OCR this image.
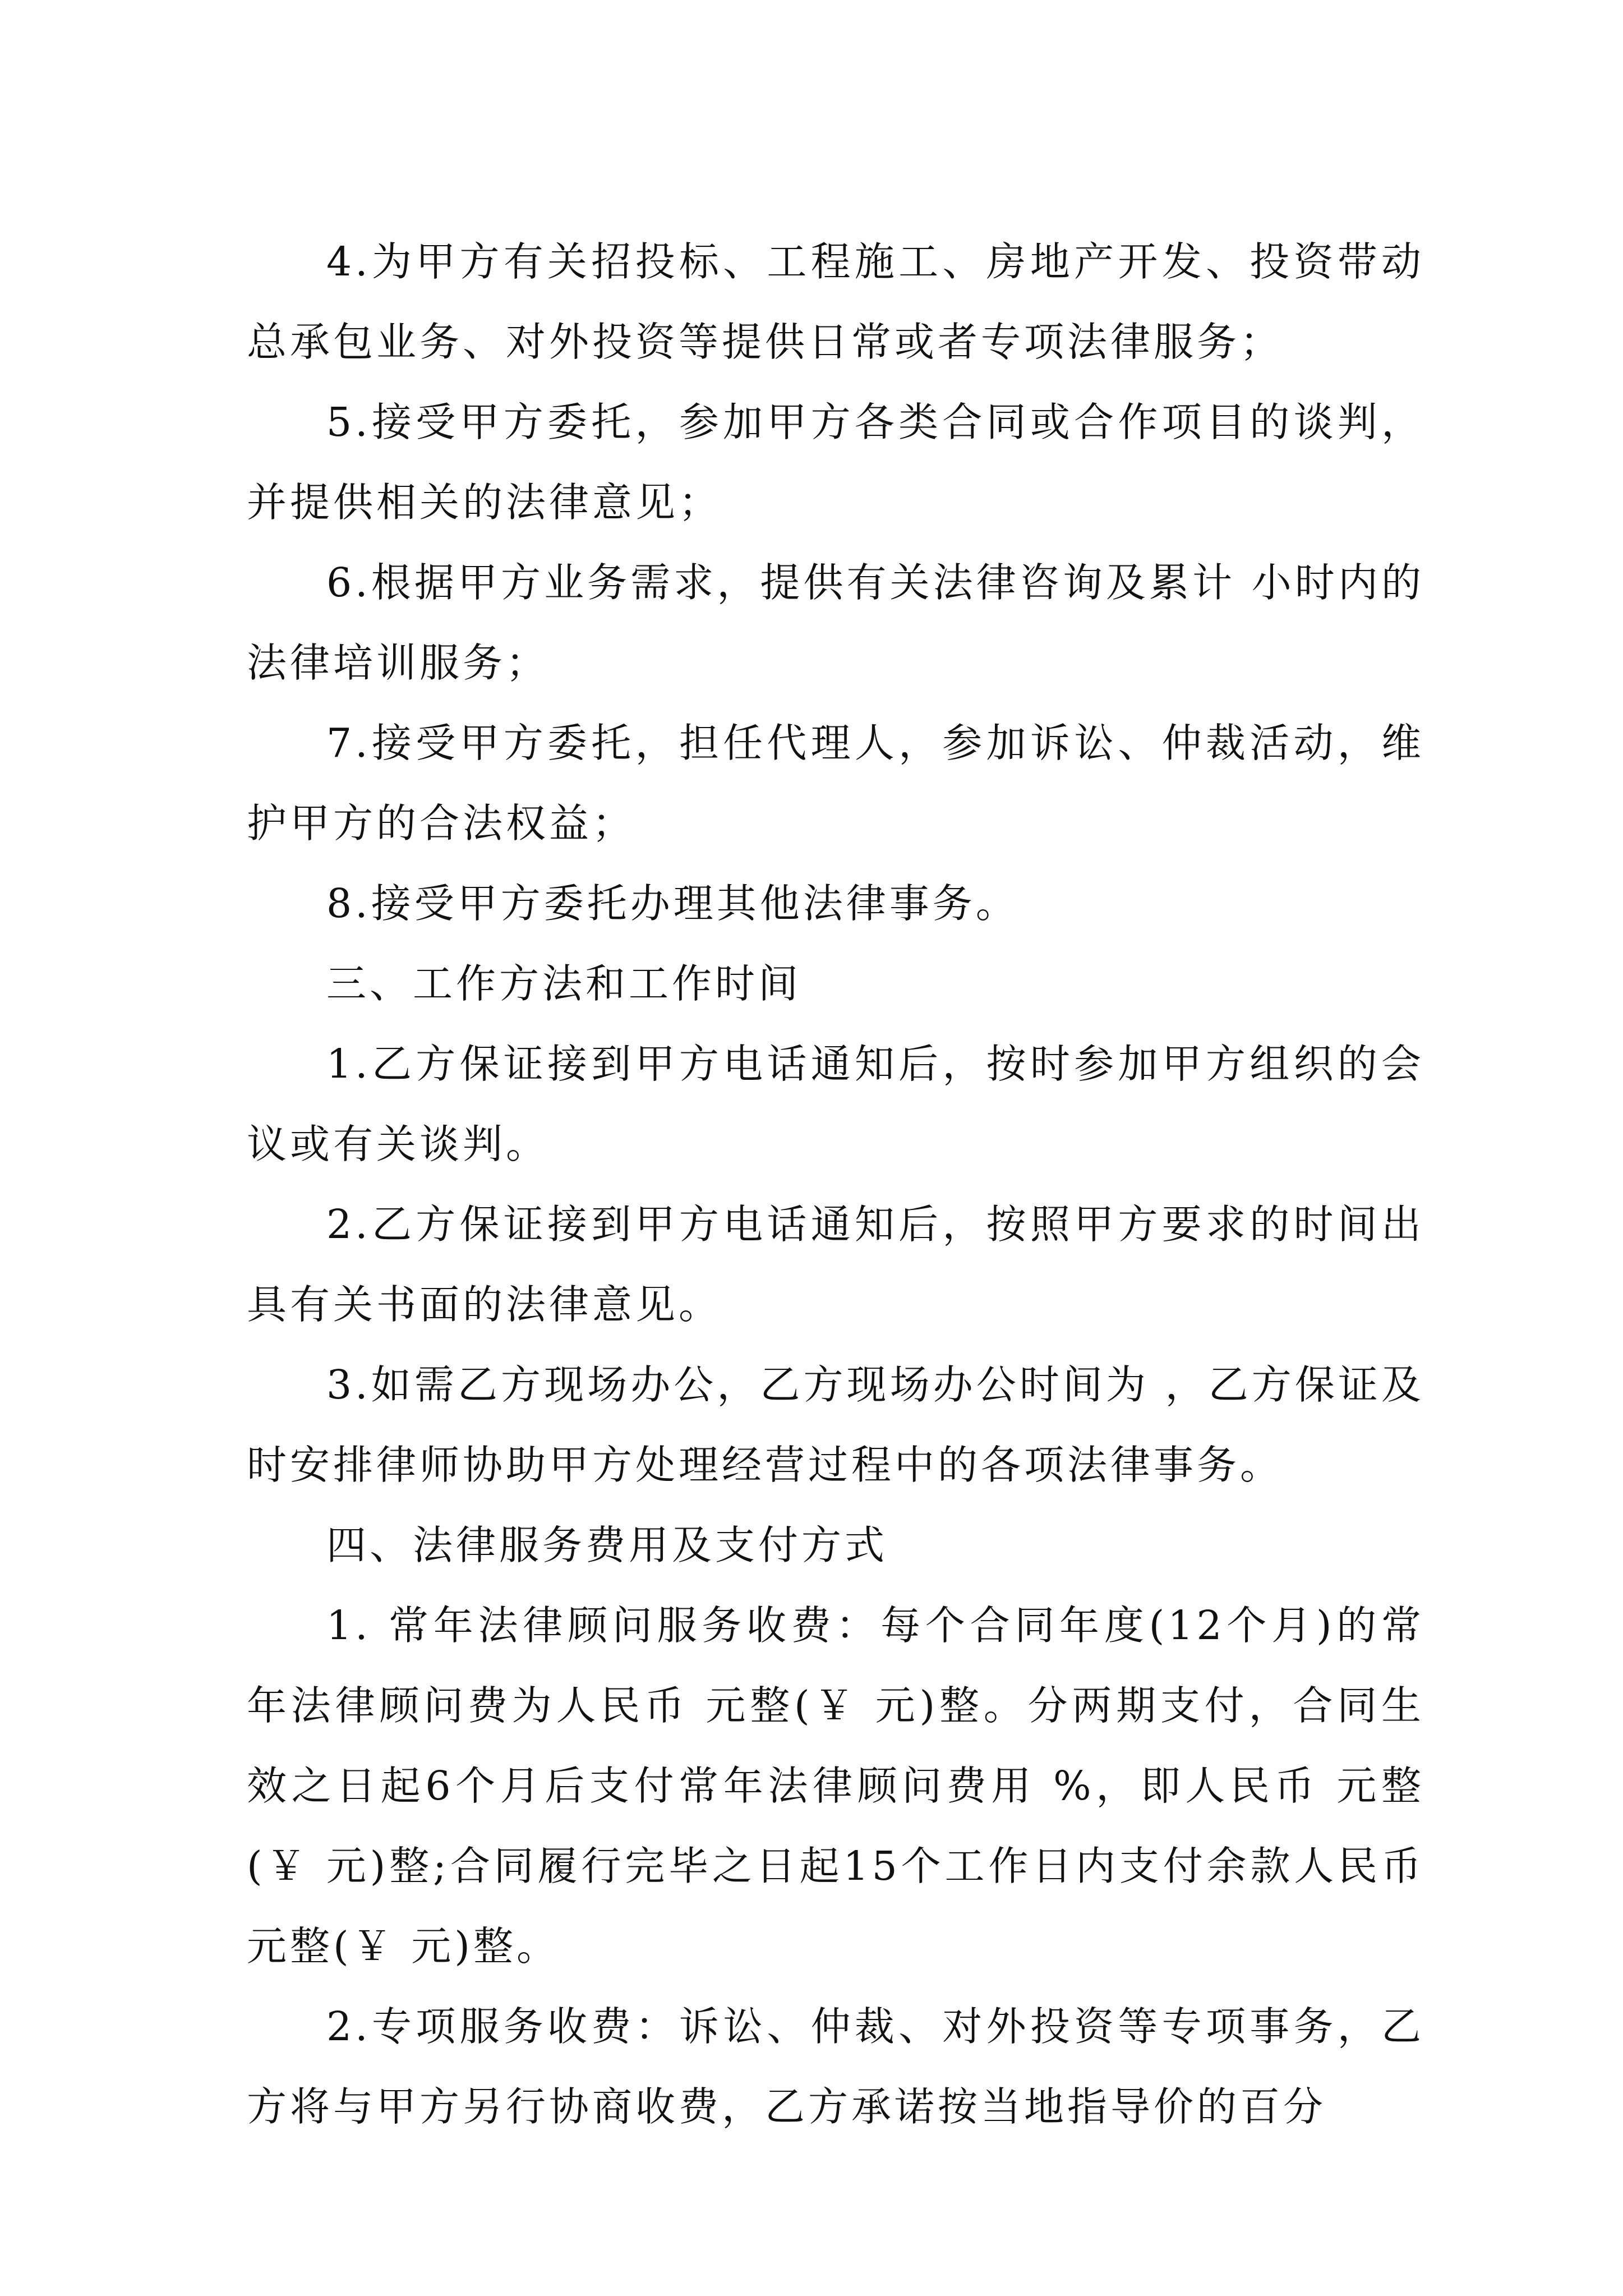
4.为甲方有关招投标、工程施工、房地产开发、投资带动总承包业务、对外投资等提供日常或者专项法律服务；

5.接受甲方委托，参加甲方各类合同或合作项目的谈判，并提供相关的法律意见；

6.根据甲方业务需求，提供有关法律咨询及累计 小时内的法律培训服务；

7.接受甲方委托，担任代理人，参加诉讼、仲裁活动，维护甲方的合法权益；

8.接受甲方委托办理其他法律事务。

三、工作方法和工作时间

1.乙方保证接到甲方电话通知后，按时参加甲方组织的会议或有关谈判。

2.乙方保证接到甲方电话通知后，按照甲方要求的时间出具有关书面的法律意见。

3.如需乙方现场办公，乙方现场办公时间为 ，乙方保证及时安排律师协助甲方处理经营过程中的各项法律事务。

四、法律服务费用及支付方式

1. 常年法律顾问服务收费：每个合同年度(12个月)的常年法律顾问费为人民币 元整(￥ 元)整。分两期支付，合同生效之日起6个月后支付常年法律顾问费用 %，即人民币 元整(￥ 元)整;合同履行完毕之日起15个工作日内支付余款人民币 元整(￥ 元)整。

2.专项服务收费：诉讼、仲裁、对外投资等专项事务，乙方将与甲方另行协商收费，乙方承诺按当地指导价的百分
